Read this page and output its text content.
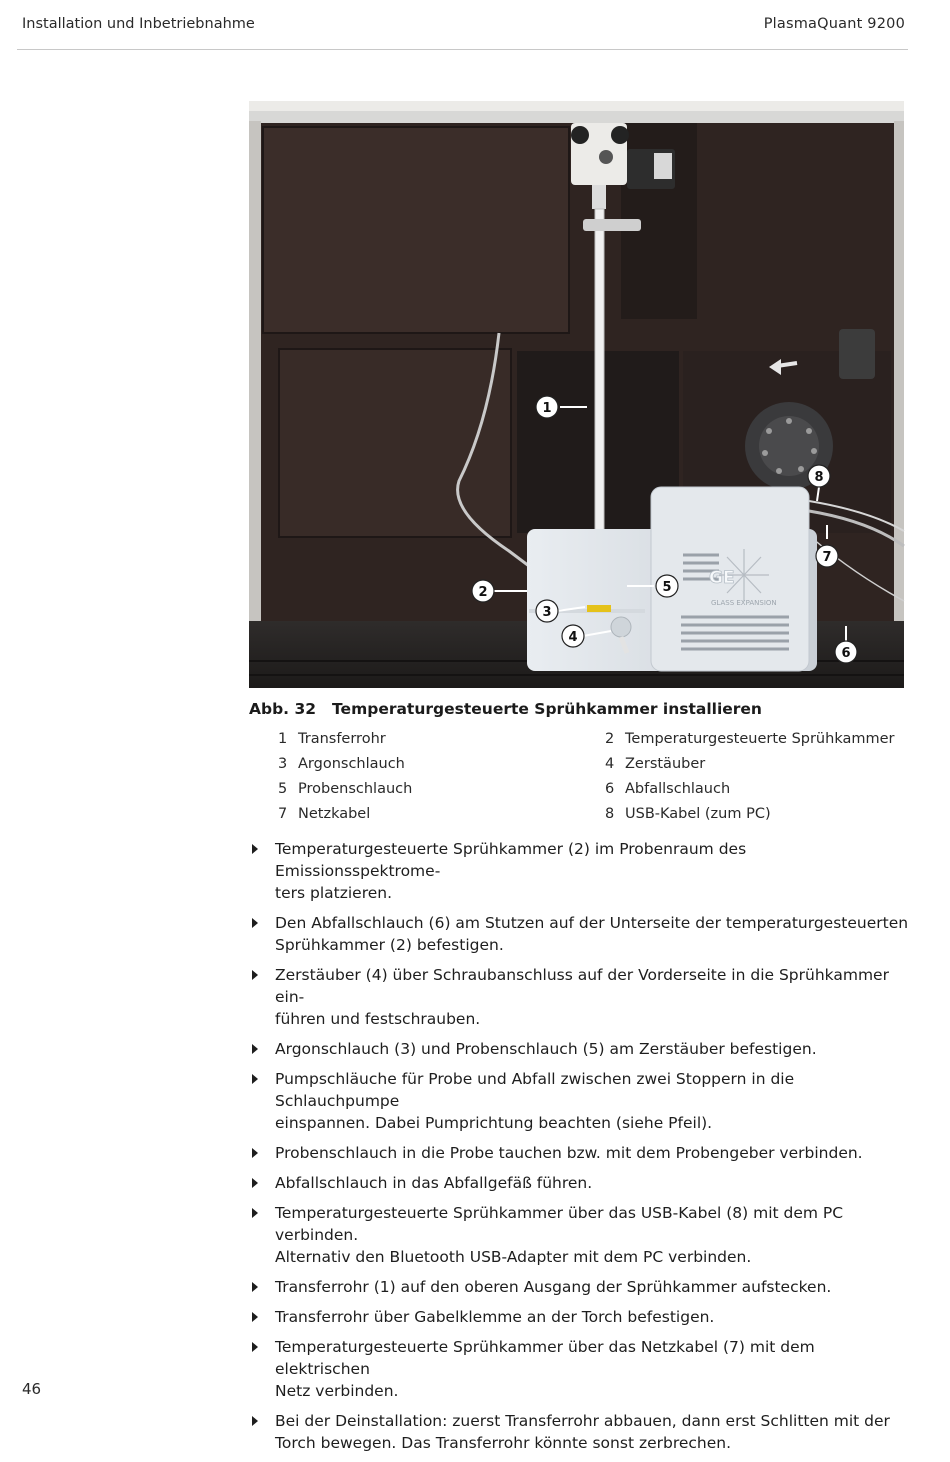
Installation und Inbetriebnahme	PlasmaQuant 9200
GE
GLASS EXPANSION
1
2
3
4
5
6
7
8
Abb. 32 Temperaturgesteuerte Sprühkammer installieren
1 Transferrohr	2 Temperaturgesteuerte Sprühkammer
3 Argonschlauch	4 Zerstäuber
5 Probenschlauch	6 Abfallschlauch
7 Netzkabel	8 USB-Kabel (zum PC)
Temperaturgesteuerte Sprühkammer (2) im Probenraum des Emissionsspektrome-
ters platzieren.
Den Abfallschlauch (6) am Stutzen auf der Unterseite der temperaturgesteuerten
Sprühkammer (2) befestigen.
Zerstäuber (4) über Schraubanschluss auf der Vorderseite in die Sprühkammer ein-
führen und festschrauben.
Argonschlauch (3) und Probenschlauch (5) am Zerstäuber befestigen.
Pumpschläuche für Probe und Abfall zwischen zwei Stoppern in die Schlauchpumpe
einspannen. Dabei Pumprichtung beachten (siehe Pfeil).
Probenschlauch in die Probe tauchen bzw. mit dem Probengeber verbinden.
Abfallschlauch in das Abfallgefäß führen.
Temperaturgesteuerte Sprühkammer über das USB-Kabel (8) mit dem PC verbinden.
Alternativ den Bluetooth USB-Adapter mit dem PC verbinden.
Transferrohr (1) auf den oberen Ausgang der Sprühkammer aufstecken.
Transferrohr über Gabelklemme an der Torch befestigen.
Temperaturgesteuerte Sprühkammer über das Netzkabel (7) mit dem elektrischen
Netz verbinden.
Bei der Deinstallation: zuerst Transferrohr abbauen, dann erst Schlitten mit der
Torch bewegen. Das Transferrohr könnte sonst zerbrechen.
46
